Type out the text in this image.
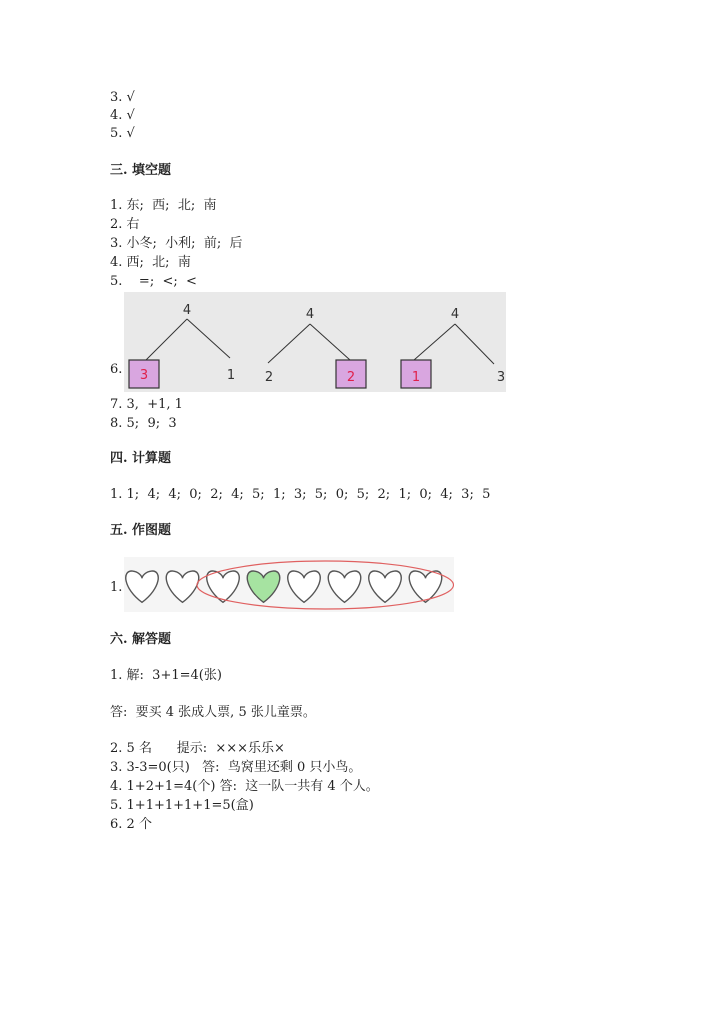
3. √
4. √
5. √
三. 填空题
1. 东;  西;  北;  南
2. 右
3. 小冬;  小利;  前;  后
4. 西;  北;  南
5.    =;  <;  <
6.
4
3	1
4
2	2
4
1	3
7. 3,  +1, 1
8. 5;  9;  3
四. 计算题
1. 1;  4;  4;  0;  2;  4;  5;  1;  3;  5;  0;  5;  2;  1;  0;  4;  3;  5
五. 作图题
1.
六. 解答题
1. 解:  3+1=4(张)
答:  要买 4 张成人票, 5 张儿童票。
2. 5 名      提示:  ×××乐乐×
3. 3-3=0(只)   答:  鸟窝里还剩 0 只小鸟。
4. 1+2+1=4(个) 答:  这一队一共有 4 个人。
5. 1+1+1+1+1=5(盒)
6. 2 个
